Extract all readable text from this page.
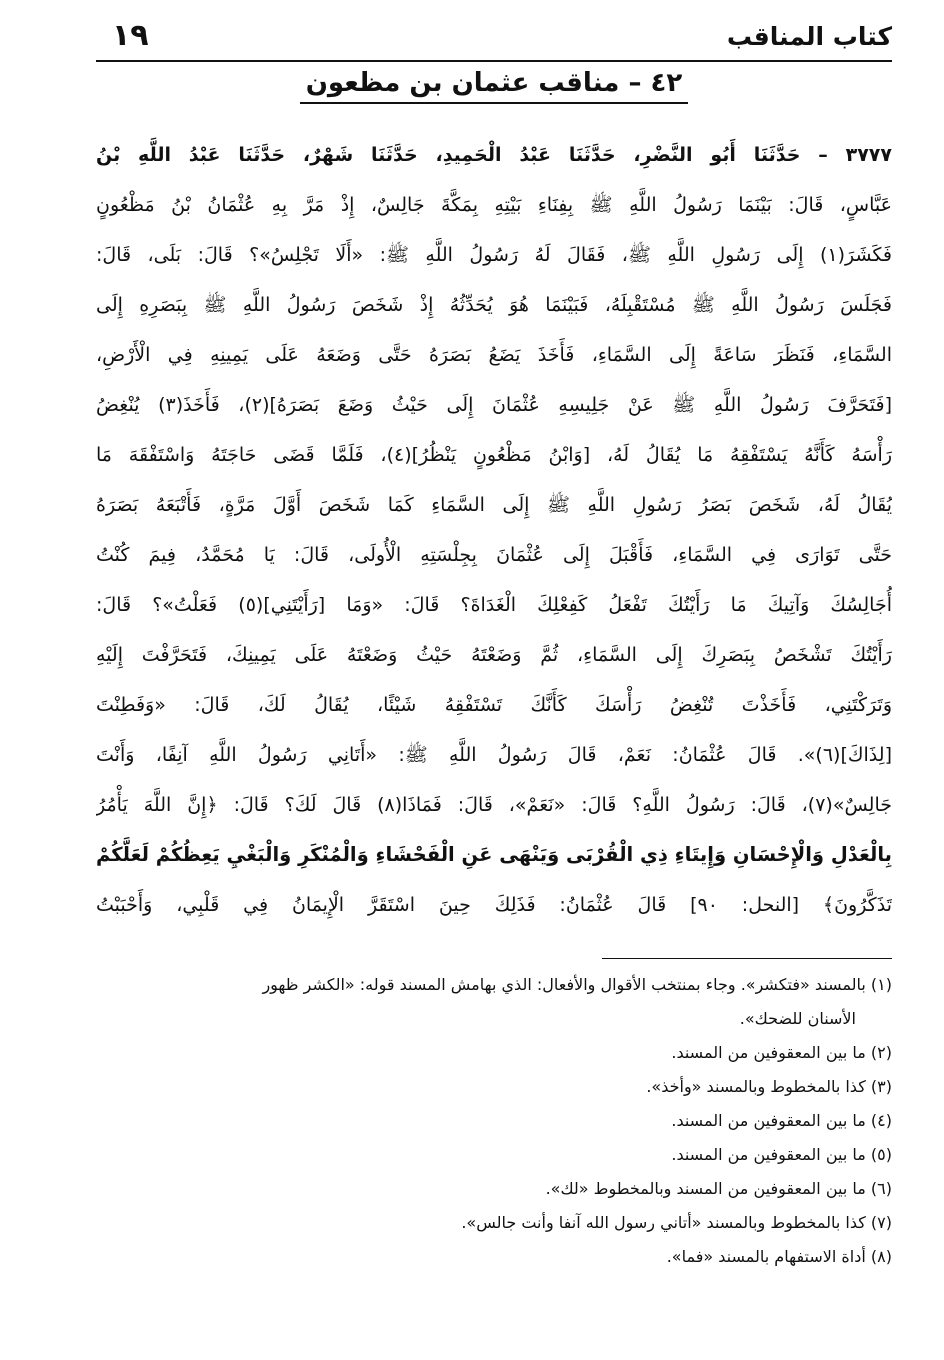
كتاب المناقب
١٩
٤٢ – مناقب عثمان بن مظعون
٣٧٧٧ – حَدَّثَنَا أَبُو النَّضْرِ، حَدَّثَنَا عَبْدُ الْحَمِيدِ، حَدَّثَنَا شَهْرٌ، حَدَّثَنَا عَبْدُ اللَّهِ بْنُ
عَبَّاسٍ، قَالَ: بَيْنَمَا رَسُولُ اللَّهِ ﷺ بِفِنَاءِ بَيْتِهِ بِمَكَّةَ جَالِسٌ، إِذْ مَرَّ بِهِ عُثْمَانُ بْنُ مَظْعُونٍ
فَكَشَرَ(١) إِلَى رَسُولِ اللَّهِ ﷺ، فَقَالَ لَهُ رَسُولُ اللَّهِ ﷺ: «أَلَا تَجْلِسُ»؟ قَالَ: بَلَى، قَالَ:
فَجَلَسَ رَسُولُ اللَّهِ ﷺ مُسْتَقْبِلَهُ، فَبَيْنَمَا هُوَ يُحَدِّثُهُ إِذْ شَخَصَ رَسُولُ اللَّهِ ﷺ بِبَصَرِهِ إِلَى
السَّمَاءِ، فَنَظَرَ سَاعَةً إِلَى السَّمَاءِ، فَأَخَذَ يَضَعُ بَصَرَهُ حَتَّى وَضَعَهُ عَلَى يَمِينِهِ فِي الْأَرْضِ،
[فَتَحَرَّفَ رَسُولُ اللَّهِ ﷺ عَنْ جَلِيسِهِ عُثْمَانَ إِلَى حَيْثُ وَضَعَ بَصَرَهُ](٢)، فَأَخَذَ(٣) يُنْغِضُ
رَأْسَهُ كَأَنَّهُ يَسْتَفْقِهُ مَا يُقَالُ لَهُ، [وَابْنُ مَظْعُونٍ يَنْظُرُ](٤)، فَلَمَّا قَضَى حَاجَتَهُ وَاسْتَفْقَهَ مَا
يُقَالُ لَهُ، شَخَصَ بَصَرُ رَسُولِ اللَّهِ ﷺ إِلَى السَّمَاءِ كَمَا شَخَصَ أَوَّلَ مَرَّةٍ، فَأَتْبَعَهُ بَصَرَهُ
حَتَّى تَوَارَى فِي السَّمَاءِ، فَأَقْبَلَ إِلَى عُثْمَانَ بِجِلْسَتِهِ الْأُولَى، قَالَ: يَا مُحَمَّدُ، فِيمَ كُنْتُ
أُجَالِسُكَ وَآتِيكَ مَا رَأَيْتُكَ تَفْعَلُ كَفِعْلِكَ الْغَدَاةَ؟ قَالَ: «وَمَا [رَأَيْتَنِي](٥) فَعَلْتُ»؟ قَالَ:
رَأَيْتُكَ تَشْخَصُ بِبَصَرِكَ إِلَى السَّمَاءِ، ثُمَّ وَضَعْتَهُ حَيْثُ وَضَعْتَهُ عَلَى يَمِينِكَ، فَتَحَرَّفْتَ إِلَيْهِ
وَتَرَكْتَنِي، فَأَخَذْتَ تُنْغِضُ رَأْسَكَ كَأَنَّكَ تَسْتَفْقِهُ شَيْئًا، يُقَالُ لَكَ، قَالَ: «وَفَطِنْتَ
[لِذَاكَ](٦)». قَالَ عُثْمَانُ: نَعَمْ، قَالَ رَسُولُ اللَّهِ ﷺ: «أَتَانِي رَسُولُ اللَّهِ آنِفًا، وَأَنْتَ
جَالِسٌ»(٧)، قَالَ: رَسُولُ اللَّهِ؟ قَالَ: «نَعَمْ»، قَالَ: فَمَاذَا(٨) قَالَ لَكَ؟ قَالَ: ﴿إِنَّ اللَّهَ يَأْمُرُ
بِالْعَدْلِ وَالْإِحْسَانِ وَإِيتَاءِ ذِي الْقُرْبَى وَيَنْهَى عَنِ الْفَحْشَاءِ وَالْمُنْكَرِ وَالْبَغْيِ يَعِظُكُمْ لَعَلَّكُمْ
تَذَكَّرُونَ﴾ [النحل: ٩٠] قَالَ عُثْمَانُ: فَذَلِكَ حِينَ اسْتَقَرَّ الْإِيمَانُ فِي قَلْبِي، وَأَحْبَبْتُ
(١) بالمسند «فتكشر». وجاء بمنتخب الأقوال والأفعال: الذي بهامش المسند قوله: «الكشر ظهور
الأسنان للضحك».
(٢) ما بين المعقوفين من المسند.
(٣) كذا بالمخطوط وبالمسند «وأخذ».
(٤) ما بين المعقوفين من المسند.
(٥) ما بين المعقوفين من المسند.
(٦) ما بين المعقوفين من المسند وبالمخطوط «لك».
(٧) كذا بالمخطوط وبالمسند «أتاني رسول الله آنفا وأنت جالس».
(٨) أداة الاستفهام بالمسند «فما».
